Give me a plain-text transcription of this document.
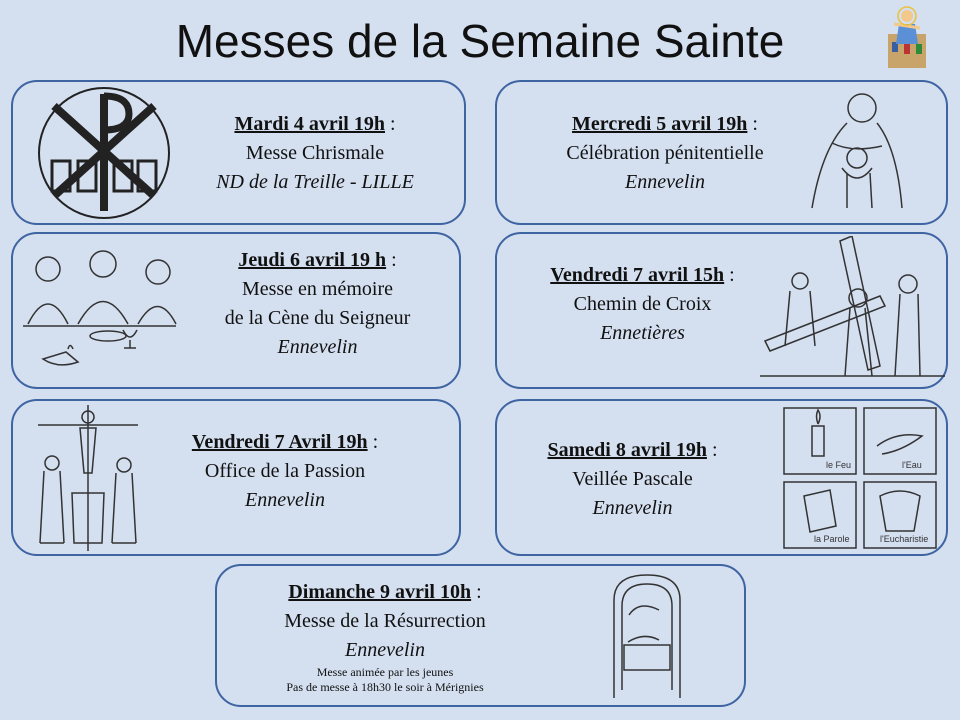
Messes de la Semaine Sainte
Mardi 4 avril 19h :
Messe Chrismale
ND de la Treille - LILLE
Mercredi 5 avril 19h :
Célébration pénitentielle
Ennevelin
Jeudi 6 avril 19 h :
Messe en mémoire
de la Cène du Seigneur
Ennevelin
Vendredi 7 avril 15h :
Chemin de Croix
Ennetières
Vendredi 7 Avril 19h :
Office de la Passion
Ennevelin
Samedi 8 avril 19h :
Veillée Pascale
Ennevelin
le Feu	l'Eau
la Parole	l'Eucharistie
Dimanche 9 avril 10h :
Messe de la Résurrection
Ennevelin
Messe animée par les jeunes
Pas de messe à 18h30 le soir à Mérignies
